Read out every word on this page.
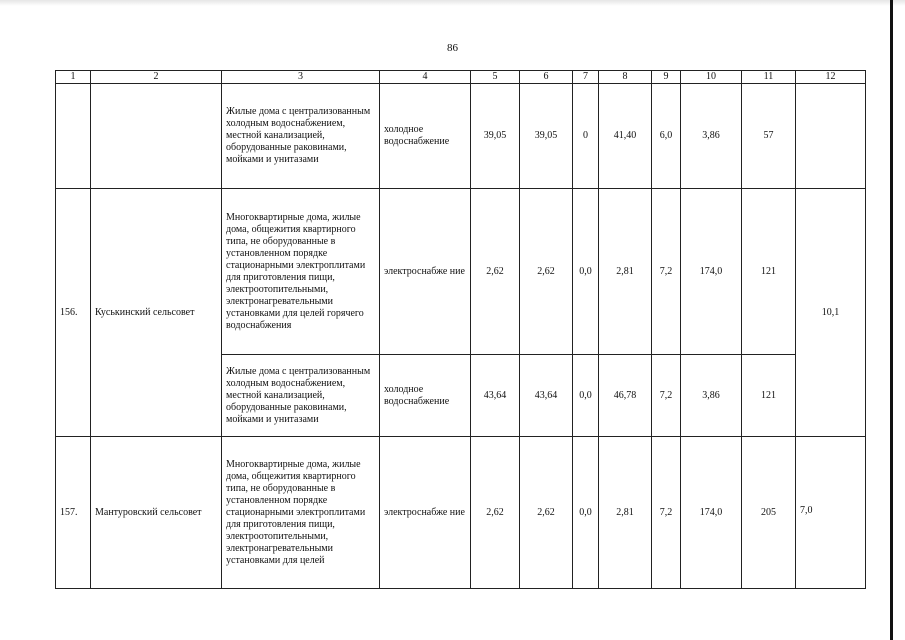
86
1	2	3	4	5	6	7	8	9	10	11	12
		Жилые дома с централизованным холодным водоснабжением, местной канализацией, оборудованные раковинами, мойками и унитазами	холодное водоснабжение	39,05	39,05	0	41,40	6,0	3,86	57	
156.	Куськинский сельсовет	Многоквартирные дома, жилые дома, общежития квартирного типа, не оборудованные в установленном порядке стационарными электроплитами для приготовления пищи, электроотопительными, электронагревательными установками для целей горячего водоснабжения	электроснабже ние	2,62	2,62	0,0	2,81	7,2	174,0	121	10,1
		Жилые дома с централизованным холодным водоснабжением, местной канализацией, оборудованные раковинами, мойками и унитазами	холодное водоснабжение	43,64	43,64	0,0	46,78	7,2	3,86	121	
157.	Мантуровский сельсовет	Многоквартирные дома, жилые дома, общежития квартирного типа, не оборудованные в установленном порядке стационарными электроплитами для приготовления пищи, электроотопительными, электронагревательными установками для целей	электроснабже ние	2,62	2,62	0,0	2,81	7,2	174,0	205	7,0
